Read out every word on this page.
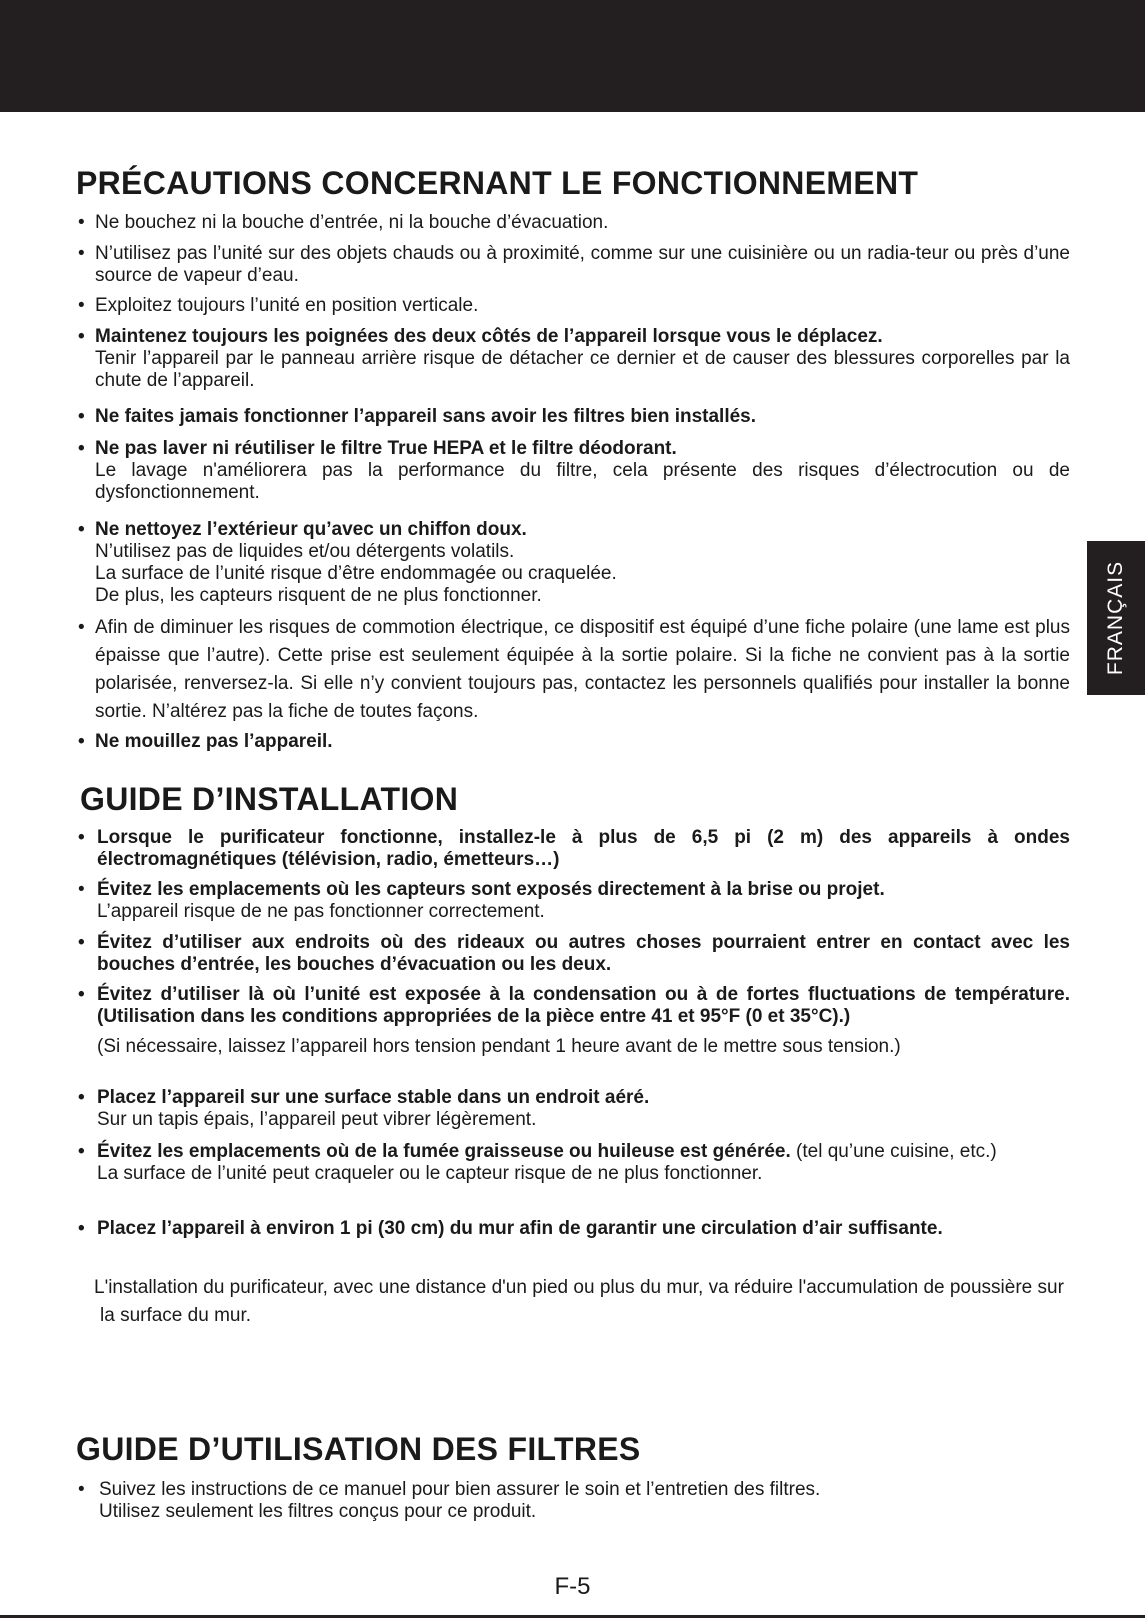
FRANÇAIS
PRÉCAUTIONS CONCERNANT LE FONCTIONNEMENT
• Ne bouchez ni la bouche d’entrée, ni la bouche d’évacuation.

• N’utilisez pas l’unité sur des objets chauds ou à proximité, comme sur une cuisinière ou un radia-teur ou près d’une source de vapeur d’eau.

• Exploitez toujours l’unité en position verticale.

• Maintenez toujours les poignées des deux côtés de l’appareil lorsque vous le déplacez.

Tenir l’appareil par le panneau arrière risque de détacher ce dernier et de causer des blessures corporelles par la chute de l’appareil.

• Ne faites jamais fonctionner l’appareil sans avoir les filtres bien installés.

• Ne pas laver ni réutiliser le filtre True HEPA et le filtre déodorant.

Le lavage n'améliorera pas la performance du filtre, cela présente des risques d’électrocution ou de dysfonctionnement.

• Ne nettoyez l’extérieur qu’avec un chiffon doux.

N’utilisez pas de liquides et/ou détergents volatils.

La surface de l’unité risque d’être endommagée ou craquelée.

De plus, les capteurs risquent de ne plus fonctionner.

• Afin de diminuer les risques de commotion électrique, ce dispositif est équipé d’une fiche polaire (une lame est plus épaisse que l’autre). Cette prise est seulement équipée à la sortie polaire. Si la fiche ne convient pas à la sortie polarisée, renversez-la. Si elle n’y convient toujours pas, contactez les personnels qualifiés pour installer la bonne sortie. N’altérez pas la fiche de toutes façons.

• Ne mouillez pas l’appareil.

GUIDE D’INSTALLATION
• Lorsque le purificateur fonctionne, installez-le à plus de 6,5 pi (2 m) des appareils à ondes électromagnétiques (télévision, radio, émetteurs…)

• Évitez les emplacements où les capteurs sont exposés directement à la brise ou projet.

L’appareil risque de ne pas fonctionner correctement.

• Évitez d’utiliser aux endroits où des rideaux ou autres choses pourraient entrer en contact avec les bouches d’entrée, les bouches d’évacuation ou les deux.

• Évitez d’utiliser là où l’unité est exposée à la condensation ou à de fortes fluctuations de température. (Utilisation dans les conditions appropriées de la pièce entre 41 et 95°F (0 et 35°C).)

(Si nécessaire, laissez l’appareil hors tension pendant 1 heure avant de le mettre sous tension.)

• Placez l’appareil sur une surface stable dans un endroit aéré.

Sur un tapis épais, l’appareil peut vibrer légèrement.

• Évitez les emplacements où de la fumée graisseuse ou huileuse est générée. (tel qu’une cuisine, etc.)

La surface de l’unité peut craqueler ou le capteur risque de ne plus fonctionner.

• Placez l’appareil à environ 1 pi (30 cm) du mur afin de garantir une circulation d’air suffisante.

L'installation du purificateur, avec une distance d'un pied ou plus du mur, va réduire l'accumulation de poussière sur la surface du mur.

GUIDE D’UTILISATION DES FILTRES
• Suivez les instructions de ce manuel pour bien assurer le soin et l’entretien des filtres.

Utilisez seulement les filtres conçus pour ce produit.

F-5
